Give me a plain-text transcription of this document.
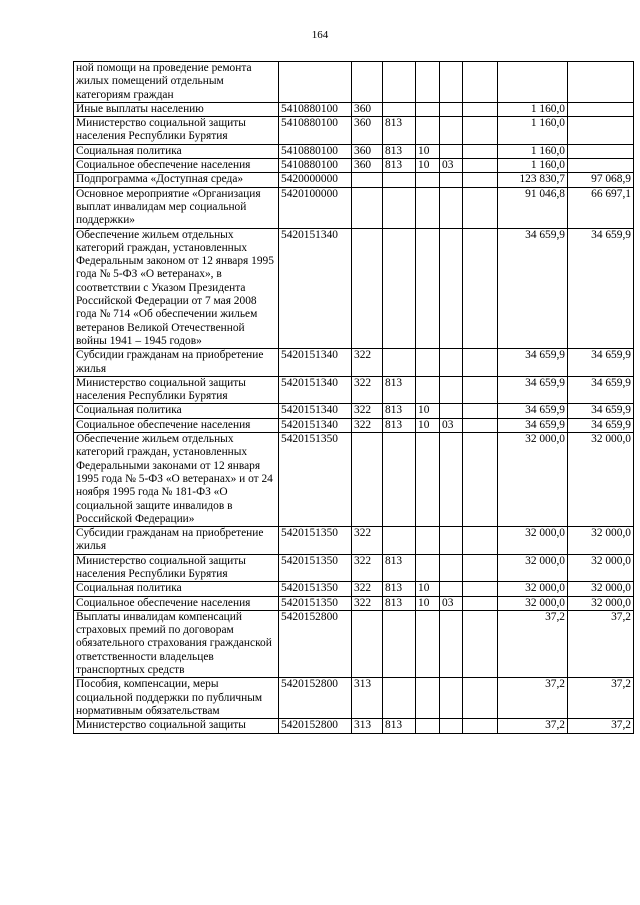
164
ной помощи на проведение ремонта жилых помещений отдельным категориям граждан								
Иные выплаты населению	5410880100	360					1 160,0	
Министерство социальной защиты населения Республики Бурятия	5410880100	360	813				1 160,0	
Социальная политика	5410880100	360	813	10			1 160,0	
Социальное обеспечение населения	5410880100	360	813	10	03		1 160,0	
Подпрограмма «Доступная среда»	5420000000						123 830,7	97 068,9
Основное мероприятие «Организация выплат инвалидам мер социальной поддержки»	5420100000						91 046,8	66 697,1
Обеспечение жильем отдельных категорий граждан, установленных Федеральным законом от 12 января 1995 года № 5-ФЗ «О ветеранах», в соответствии с Указом Президента Российской Федерации от 7 мая 2008 года № 714 «Об обеспечении жильем ветеранов Великой Отечественной войны 1941 – 1945 годов»	5420151340						34 659,9	34 659,9
Субсидии гражданам на приобретение жилья	5420151340	322					34 659,9	34 659,9
Министерство социальной защиты населения Республики Бурятия	5420151340	322	813				34 659,9	34 659,9
Социальная политика	5420151340	322	813	10			34 659,9	34 659,9
Социальное обеспечение населения	5420151340	322	813	10	03		34 659,9	34 659,9
Обеспечение жильем отдельных категорий граждан, установленных Федеральными законами от 12 января 1995 года № 5-ФЗ «О ветеранах» и от 24 ноября 1995 года № 181-ФЗ «О социальной защите инвалидов в Российской Федерации»	5420151350						32 000,0	32 000,0
Субсидии гражданам на приобретение жилья	5420151350	322					32 000,0	32 000,0
Министерство социальной защиты населения Республики Бурятия	5420151350	322	813				32 000,0	32 000,0
Социальная политика	5420151350	322	813	10			32 000,0	32 000,0
Социальное обеспечение населения	5420151350	322	813	10	03		32 000,0	32 000,0
Выплаты инвалидам компенсаций страховых премий по договорам обязательного страхования гражданской ответственности владельцев транспортных средств	5420152800						37,2	37,2
Пособия, компенсации, меры социальной поддержки по публичным нормативным обязательствам	5420152800	313					37,2	37,2
Министерство социальной защиты	5420152800	313	813				37,2	37,2
